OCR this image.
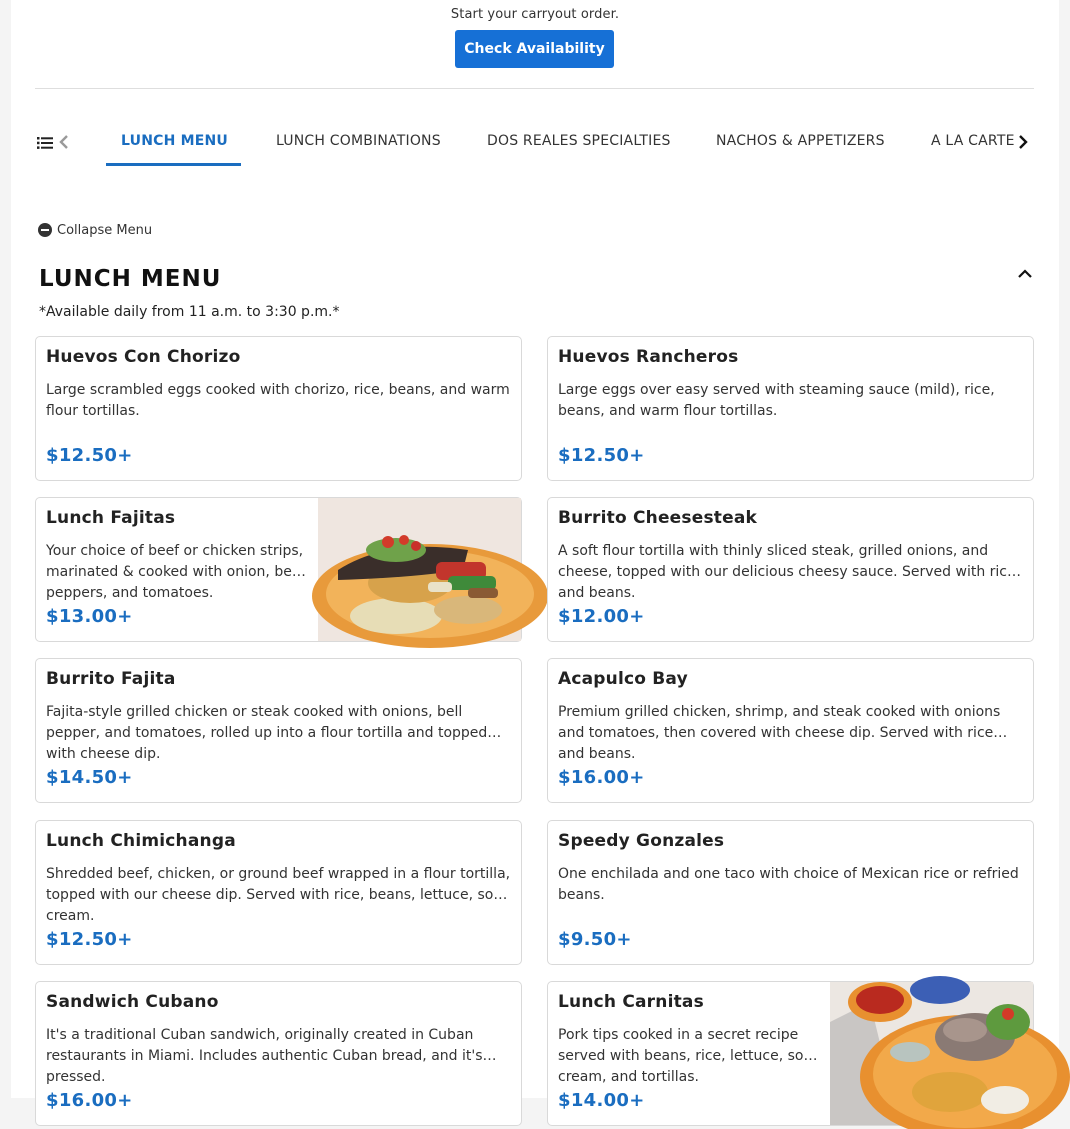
Start your carryout order.
Check Availability
LUNCH MENU	LUNCH COMBINATIONS	DOS REALES SPECIALTIES	NACHOS & APPETIZERS	A LA CARTE
Collapse Menu
LUNCH MENU
*Available daily from 11 a.m. to 3:30 p.m.*
Huevos Con Chorizo
Large scrambled eggs cooked with chorizo, rice, beans, and warm flour tortillas.
$12.50+
Huevos Rancheros
Large eggs over easy served with steaming sauce (mild), rice, beans, and warm flour tortillas.
$12.50+
Lunch Fajitas
Your choice of beef or chicken strips, marinated & cooked with onion, bell peppers, and tomatoes.
$13.00+
Burrito Cheesesteak
A soft flour tortilla with thinly sliced steak, grilled onions, and cheese, topped with our delicious cheesy sauce. Served with rice and beans.
$12.00+
Burrito Fajita
Fajita-style grilled chicken or steak cooked with onions, bell pepper, and tomatoes, rolled up into a flour tortilla and topped with cheese dip.
$14.50+
Acapulco Bay
Premium grilled chicken, shrimp, and steak cooked with onions and tomatoes, then covered with cheese dip. Served with rice and beans.
$16.00+
Lunch Chimichanga
Shredded beef, chicken, or ground beef wrapped in a flour tortilla, topped with our cheese dip. Served with rice, beans, lettuce, sour cream.
$12.50+
Speedy Gonzales
One enchilada and one taco with choice of Mexican rice or refried beans.
$9.50+
Sandwich Cubano
It's a traditional Cuban sandwich, originally created in Cuban restaurants in Miami. Includes authentic Cuban bread, and it's pressed.
$16.00+
Lunch Carnitas
Pork tips cooked in a secret recipe served with beans, rice, lettuce, sour cream, and tortillas.
$14.00+
